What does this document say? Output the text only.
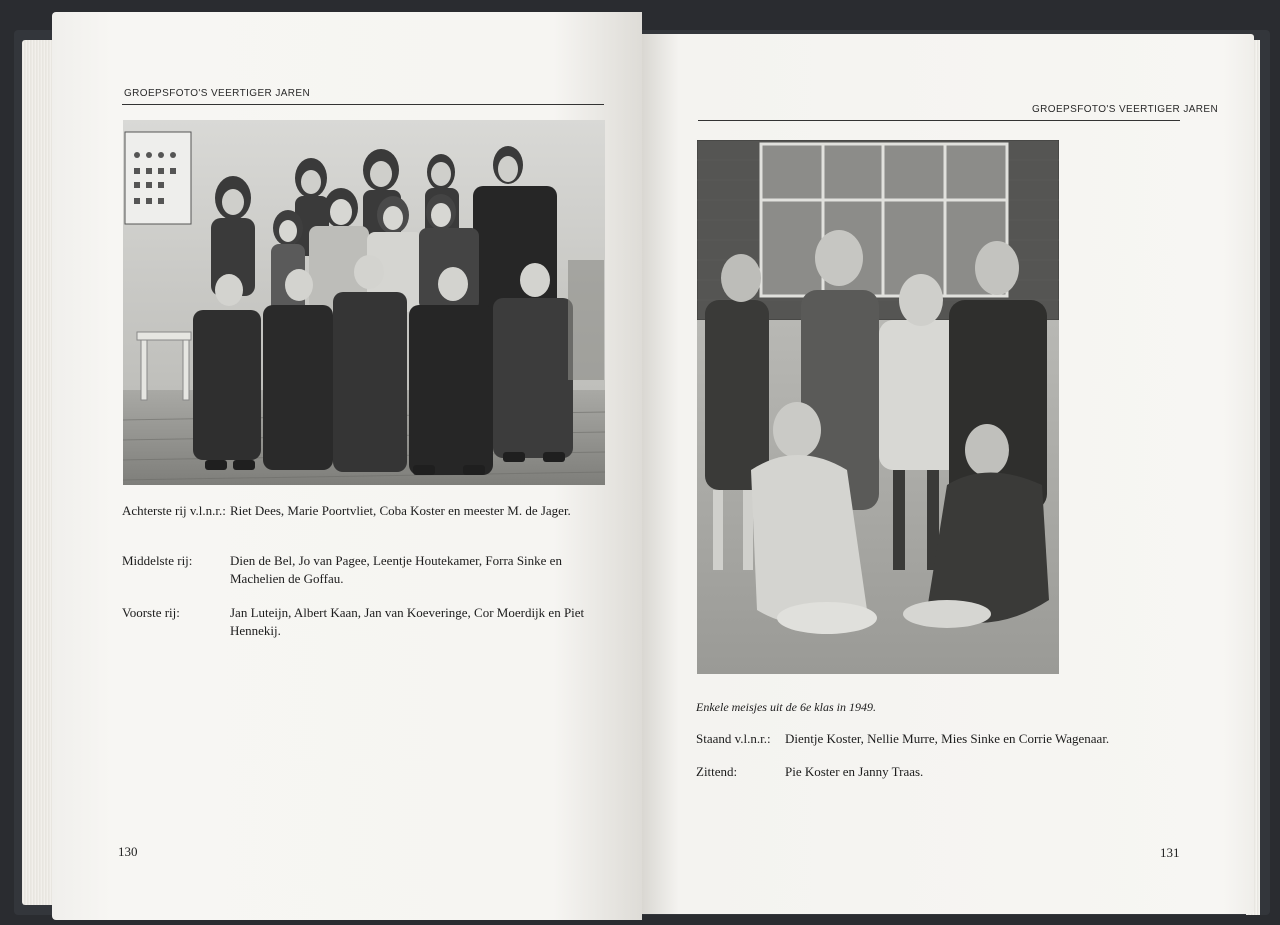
GROEPSFOTO'S VEERTIGER JAREN
Achterste rij v.l.n.r.: Riet Dees, Marie Poortvliet, Coba Koster en meester M. de Jager.
Middelste rij:	Dien de Bel, Jo van Pagee, Leentje Houtekamer, Forra Sinke en Machelien de Goffau.
Voorste rij:	Jan Luteijn, Albert Kaan, Jan van Koeveringe, Cor Moerdijk en Piet Hennekij.
130
GROEPSFOTO'S VEERTIGER JAREN
Enkele meisjes uit de 6e klas in 1949.
Staand v.l.n.r.: Dientje Koster, Nellie Murre, Mies Sinke en Corrie Wagenaar.
Zittend:	Pie Koster en Janny Traas.
131
